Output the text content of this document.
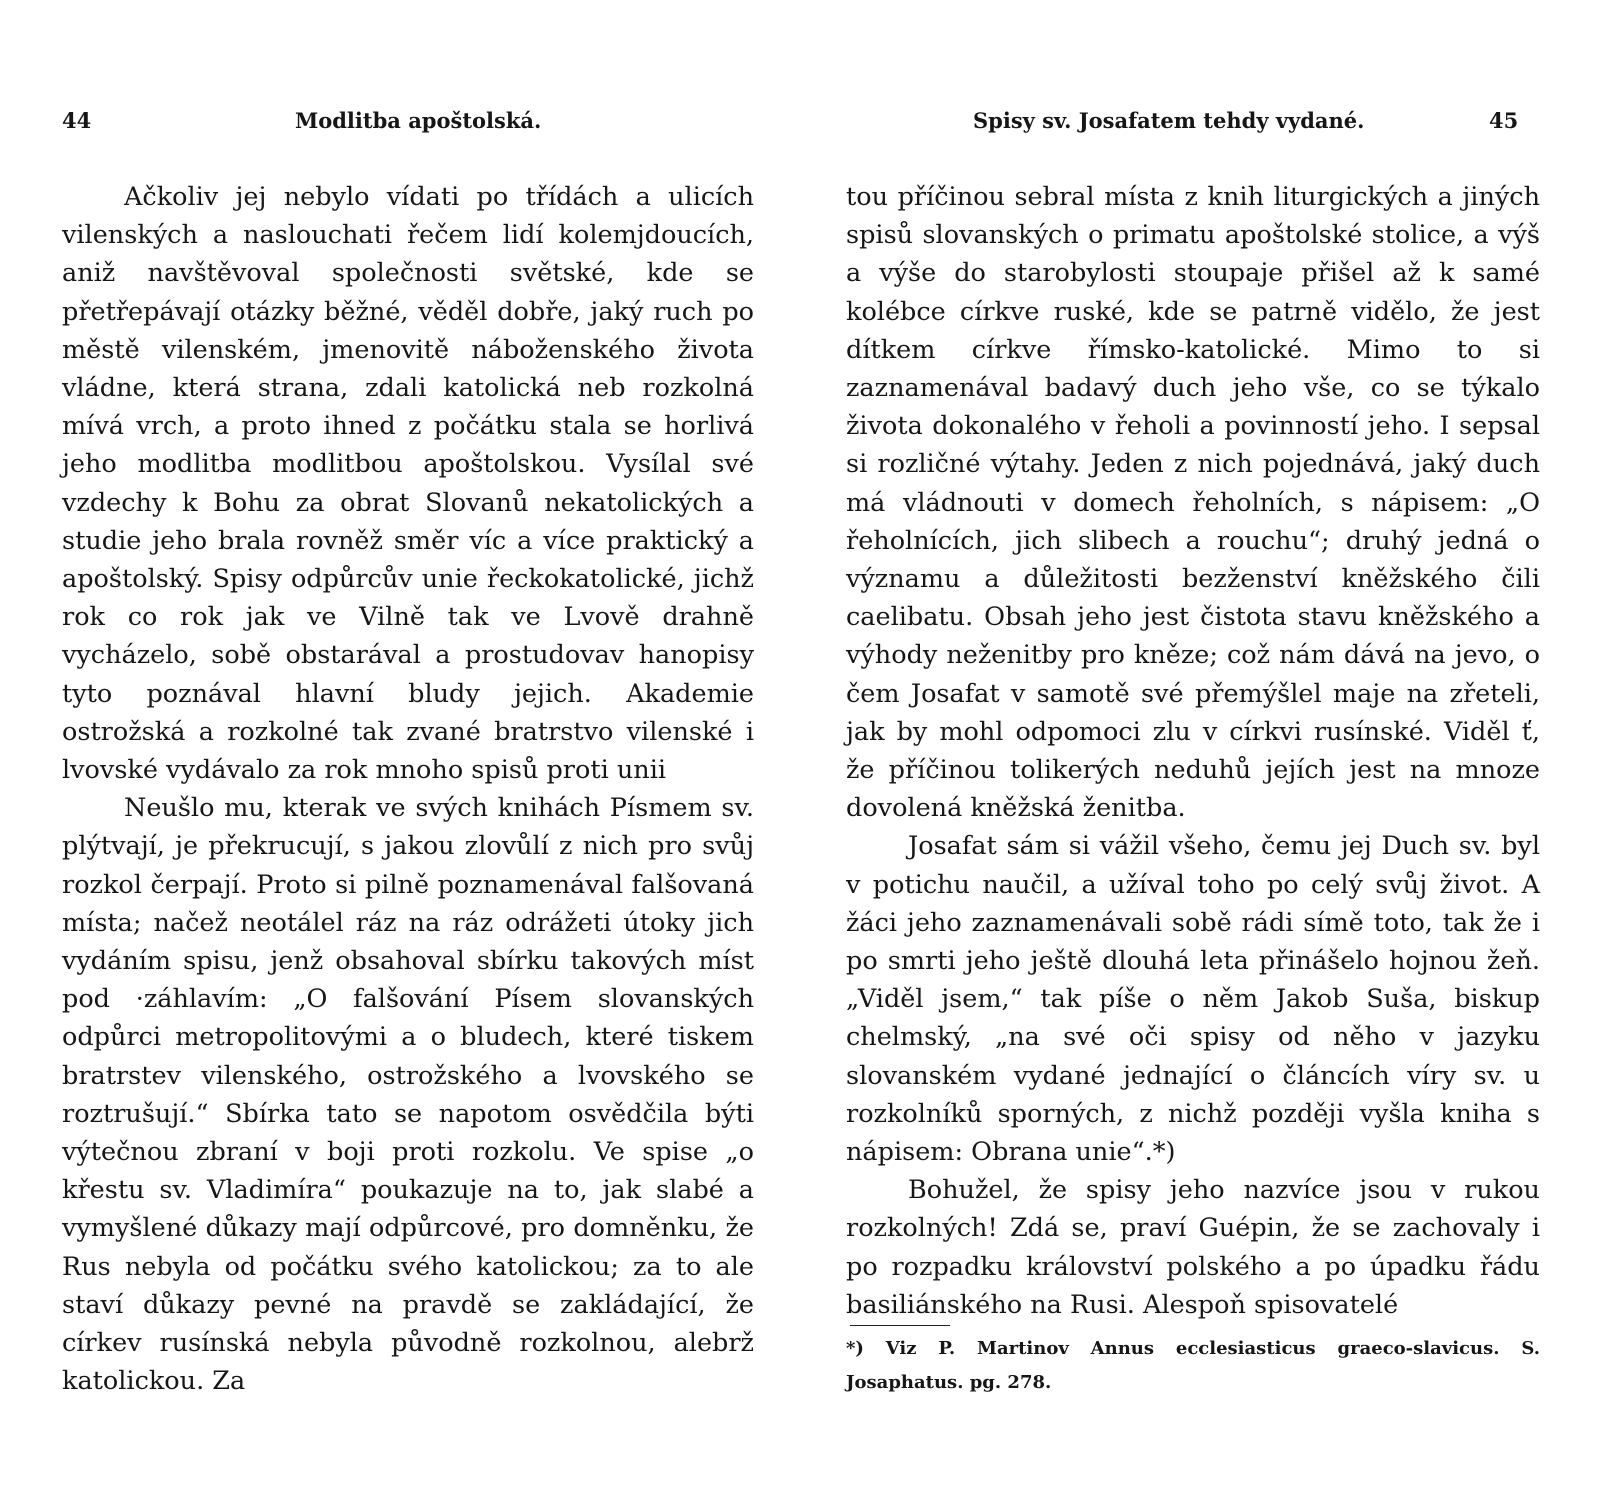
44	Modlitba apoštolská.

Ačkoliv jej nebylo vídati po třídách a ulicích vilenských a naslouchati řečem lidí kolemjdoucích, aniž navštěvoval společnosti světské, kde se přetřepávají otázky běžné, věděl dobře, jaký ruch po městě vilenském, jmenovitě náboženského života vládne, která strana, zdali katolická neb rozkolná mívá vrch, a proto ihned z počátku stala se horlivá jeho modlitba modlitbou apoštolskou. Vysílal své vzdechy k Bohu za obrat Slovanů nekatolických a studie jeho brala rovněž směr víc a více praktický a apoštolský. Spisy odpůrcův unie řeckokatolické, jichž rok co rok jak ve Vilně tak ve Lvově drahně vycházelo, sobě obstarával a prostudovav hanopisy tyto poznával hlavní bludy jejich. Akademie ostrožská a rozkolné tak zvané bratrstvo vilenské i lvovské vydávalo za rok mnoho spisů proti unii

Neušlo mu, kterak ve svých knihách Písmem sv. plýtvají, je překrucují, s jakou zlovůlí z nich pro svůj rozkol čerpají. Proto si pilně poznamenával falšovaná místa; načež neotálel ráz na ráz odrážeti útoky jich vydáním spisu, jenž obsahoval sbírku takových míst pod ·záhlavím: „O falšování Písem slovanských odpůrci metropolitovými a o bludech, které tiskem bratrstev vilenského, ostrožského a lvovského se roztrušují.“ Sbírka tato se napotom osvědčila býti výtečnou zbraní v boji proti rozkolu. Ve spise „o křestu sv. Vladimíra“ poukazuje na to, jak slabé a vymyšlené důkazy mají odpůrcové, pro domněnku, že Rus nebyla od počátku svého katolickou; za to ale staví důkazy pevné na pravdě se zakládající, že církev rusínská nebyla původně rozkolnou, alebrž katolickou. Za

Spisy sv. Josafatem tehdy vydané.	45

tou příčinou sebral místa z knih liturgických a jiných spisů slovanských o primatu apoštolské stolice, a výš a výše do starobylosti stoupaje přišel až k samé kolébce církve ruské, kde se patrně vidělo, že jest dítkem církve římsko-katolické. Mimo to si zaznamenával badavý duch jeho vše, co se týkalo života dokonalého v řeholi a povinností jeho. I sepsal si rozličné výtahy. Jeden z nich pojednává, jaký duch má vládnouti v domech řeholních, s nápisem: „O řeholnících, jich slibech a rouchu“; druhý jedná o významu a důležitosti bezženství kněžského čili caelibatu. Obsah jeho jest čistota stavu kněžského a výhody neženitby pro kněze; což nám dává na jevo, o čem Josafat v samotě své přemýšlel maje na zřeteli, jak by mohl odpomoci zlu v církvi rusínské. Viděl ť, že příčinou tolikerých neduhů jejích jest na mnoze dovolená kněžská ženitba.

Josafat sám si vážil všeho, čemu jej Duch sv. byl v potichu naučil, a užíval toho po celý svůj život. A žáci jeho zaznamenávali sobě rádi símě toto, tak že i po smrti jeho ještě dlouhá leta přinášelo hojnou žeň. „Viděl jsem,“ tak píše o něm Jakob Suša, biskup chelmský, „na své oči spisy od něho v jazyku slovanském vydané jednající o článcích víry sv. u rozkolníků sporných, z nichž později vyšla kniha s nápisem: Obrana unie“.*)

Bohužel, že spisy jeho nazvíce jsou v rukou rozkolných! Zdá se, praví Guépin, že se zachovaly i po rozpadku království polského a po úpadku řádu basiliánského na Rusi. Alespoň spisovatelé

*) Viz P. Martinov Annus ecclesiasticus graeco-slavicus. S. Josaphatus. pg. 278.
